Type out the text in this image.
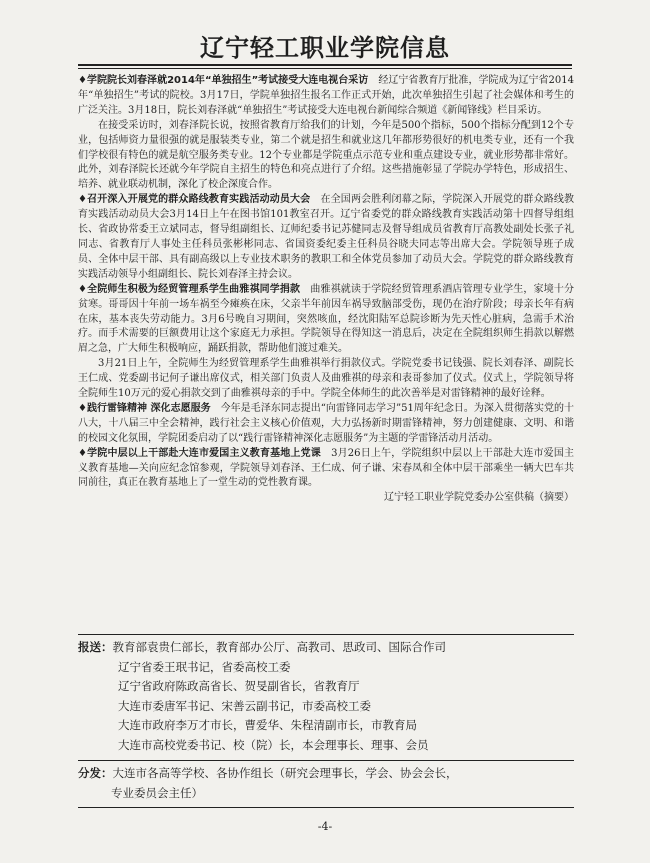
辽宁轻工职业学院信息

♦学院院长刘春泽就2014年“单独招生”考试接受大连电视台采访　 经辽宁省教育厅批准，学院成为辽宁省2014年“单独招生”考试的院校。3月17日，学院单独招生报名工作正式开始，此次单独招生引起了社会媒体和考生的广泛关注。3月18日，院长刘春泽就“单独招生”考试接受大连电视台新闻综合频道《新闻锋线》栏目采访。

在接受采访时，刘春泽院长说，按照省教育厅给我们的计划，今年是500个指标，500个指标分配到12个专业，包括师资力量很强的就是服装类专业，第二个就是招生和就业这几年都形势很好的机电类专业，还有一个我们学校很有特色的就是航空服务类专业。12个专业都是学院重点示范专业和重点建设专业，就业形势都非常好。此外，刘春泽院长还就今年学院自主招生的特色和亮点进行了介绍。这些措施彰显了学院办学特色，形成招生、培养、就业联动机制，深化了校企深度合作。

♦召开深入开展党的群众路线教育实践活动动员大会　 在全国两会胜利闭幕之际，学院深入开展党的群众路线教育实践活动动员大会3月14日上午在图书馆101教室召开。辽宁省委党的群众路线教育实践活动第十四督导组组长、省政协常委王立斌同志，督导组副组长、辽师纪委书记苏健同志及督导组成员省教育厅高教处副处长张子礼同志、省教育厅人事处主任科员张彬彬同志、省国资委纪委主任科员谷晓夫同志等出席大会。学院领导班子成员、全体中层干部、具有副高级以上专业技术职务的教职工和全体党员参加了动员大会。学院党的群众路线教育实践活动领导小组副组长、院长刘春泽主持会议。

♦全院师生积极为经贸管理系学生曲雅祺同学捐款　 曲雅祺就读于学院经贸管理系酒店管理专业学生，家境十分贫寒。哥哥因十年前一场车祸至今瘫痪在床，父亲半年前因车祸导致脑部受伤，现仍在治疗阶段；母亲长年有病在床，基本丧失劳动能力。3月6号晚自习期间，突然咳血，经沈阳陆军总院诊断为先天性心脏病，急需手术治疗。而手术需要的巨额费用让这个家庭无力承担。学院领导在得知这一消息后，决定在全院组织师生捐款以解燃眉之急，广大师生积极响应，踊跃捐款，帮助他们渡过难关。

3月21日上午，全院师生为经贸管理系学生曲雅祺举行捐款仪式。学院党委书记钱强、院长刘春泽、副院长王仁成、党委副书记何子谦出席仪式，相关部门负责人及曲雅祺的母亲和表哥参加了仪式。仪式上，学院领导将全院师生10万元的爱心捐款交到了曲雅祺母亲的手中。学院全体师生的此次善举是对雷锋精神的最好诠释。

♦践行雷锋精神 深化志愿服务　 今年是毛泽东同志提出“向雷锋同志学习”51周年纪念日。为深入贯彻落实党的十八大，十八届三中全会精神，践行社会主义核心价值观，大力弘扬新时期雷锋精神，努力创建健康、文明、和谐的校园文化氛围，学院团委启动了以“践行雷锋精神深化志愿服务”为主题的学雷锋活动月活动。

♦学院中层以上干部赴大连市爱国主义教育基地上党课　 3月26日上午，学院组织中层以上干部赴大连市爱国主义教育基地—关向应纪念馆参观，学院领导刘春泽、王仁成、何子谦、宋春凤和全体中层干部乘坐一辆大巴车共同前往，真正在教育基地上了一堂生动的党性教育课。

辽宁轻工职业学院党委办公室供稿（摘要）
报送：教育部袁贵仁部长，教育部办公厅、高教司、思政司、国际合作司
辽宁省委王珉书记，省委高校工委
辽宁省政府陈政高省长、贺旻副省长，省教育厅
大连市委唐军书记、宋善云副书记，市委高校工委
大连市政府李万才市长，曹爱华、朱程清副市长，市教育局
大连市高校党委书记、校（院）长，本会理事长、理事、会员
分发：大连市各高等学校、各协作组长（研究会理事长，学会、协会会长，
专业委员会主任）
-4-
